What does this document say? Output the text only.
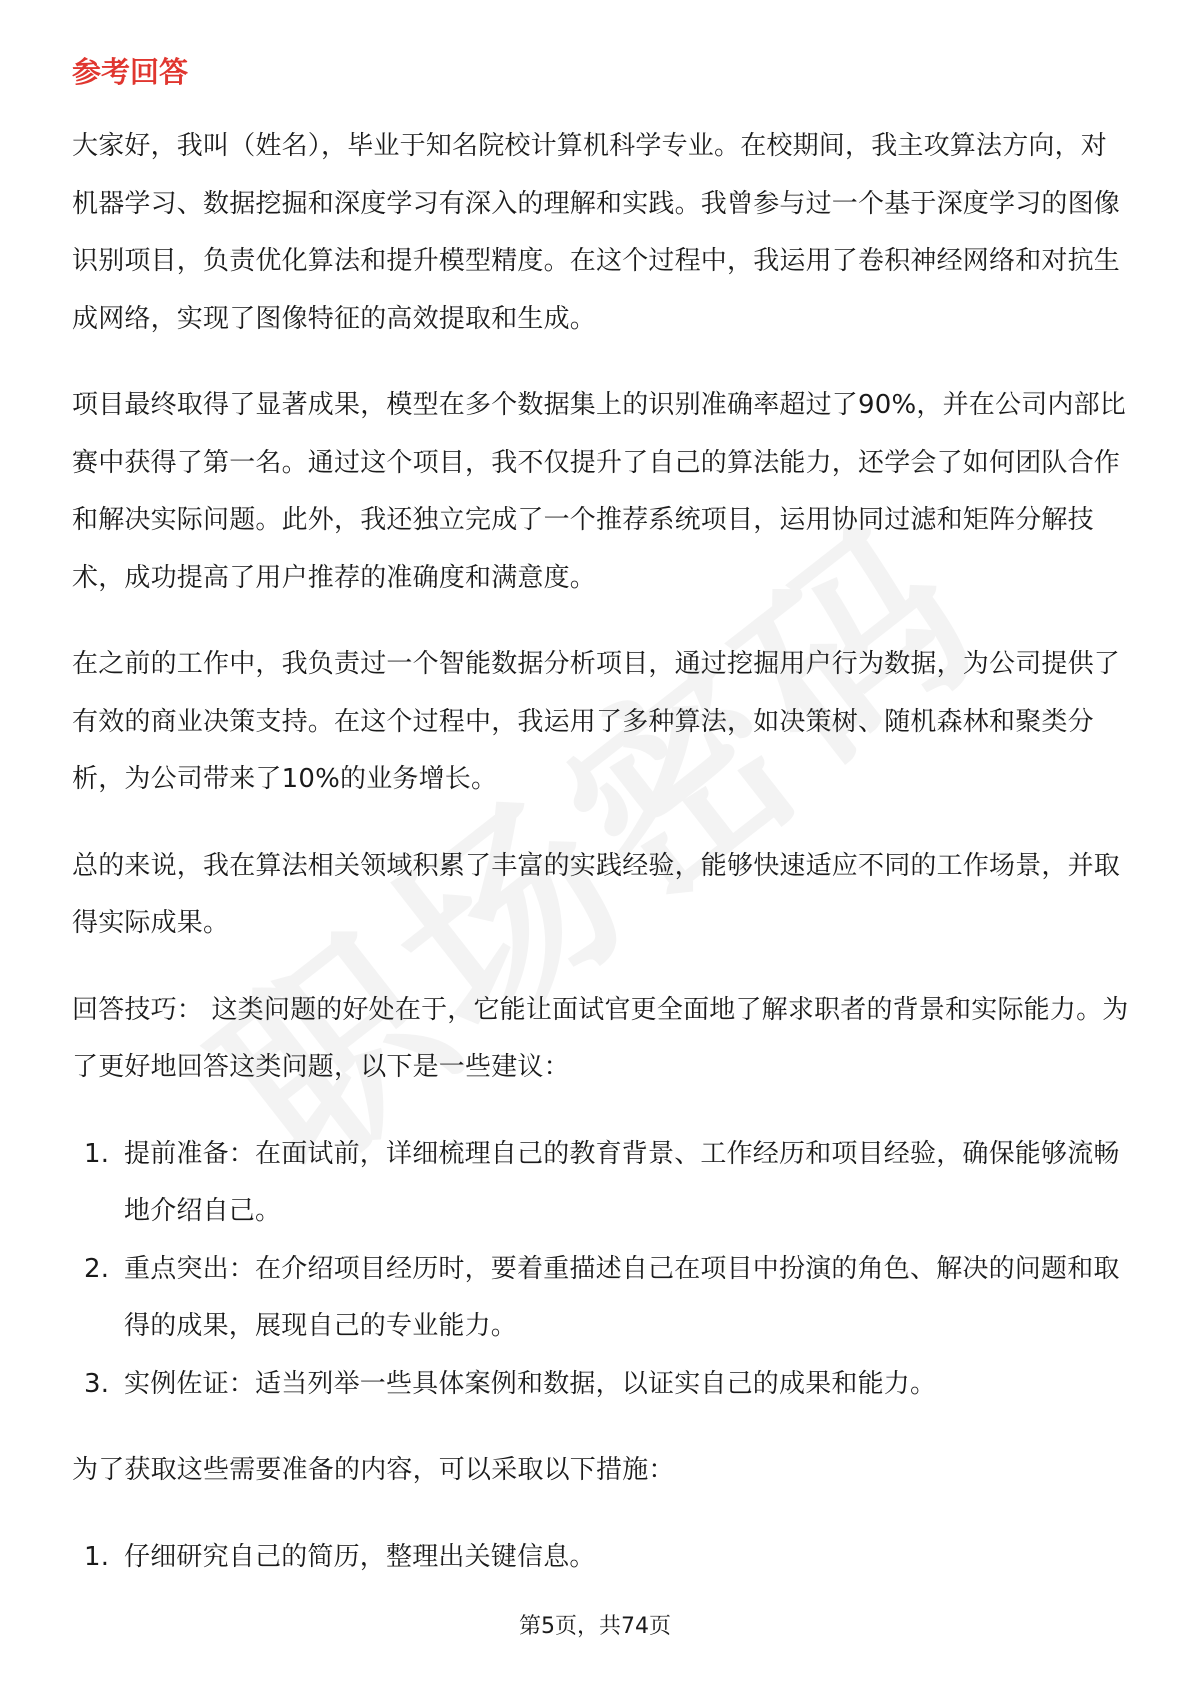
参考回答

大家好，我叫（姓名），毕业于知名院校计算机科学专业。在校期间，我主攻算法方向，对机器学习、数据挖掘和深度学习有深入的理解和实践。我曾参与过一个基于深度学习的图像识别项目，负责优化算法和提升模型精度。在这个过程中，我运用了卷积神经网络和对抗生成网络，实现了图像特征的高效提取和生成。

项目最终取得了显著成果，模型在多个数据集上的识别准确率超过了90%，并在公司内部比赛中获得了第一名。通过这个项目，我不仅提升了自己的算法能力，还学会了如何团队合作和解决实际问题。此外，我还独立完成了一个推荐系统项目，运用协同过滤和矩阵分解技术，成功提高了用户推荐的准确度和满意度。

在之前的工作中，我负责过一个智能数据分析项目，通过挖掘用户行为数据，为公司提供了有效的商业决策支持。在这个过程中，我运用了多种算法，如决策树、随机森林和聚类分析，为公司带来了10%的业务增长。

总的来说，我在算法相关领域积累了丰富的实践经验，能够快速适应不同的工作场景，并取得实际成果。

回答技巧： 这类问题的好处在于，它能让面试官更全面地了解求职者的背景和实际能力。为了更好地回答这类问题，以下是一些建议：

1. 提前准备：在面试前，详细梳理自己的教育背景、工作经历和项目经验，确保能够流畅地介绍自己。
2. 重点突出：在介绍项目经历时，要着重描述自己在项目中扮演的角色、解决的问题和取得的成果，展现自己的专业能力。
3. 实例佐证：适当列举一些具体案例和数据，以证实自己的成果和能力。

为了获取这些需要准备的内容，可以采取以下措施：

1. 仔细研究自己的简历，整理出关键信息。
第5页，共74页
